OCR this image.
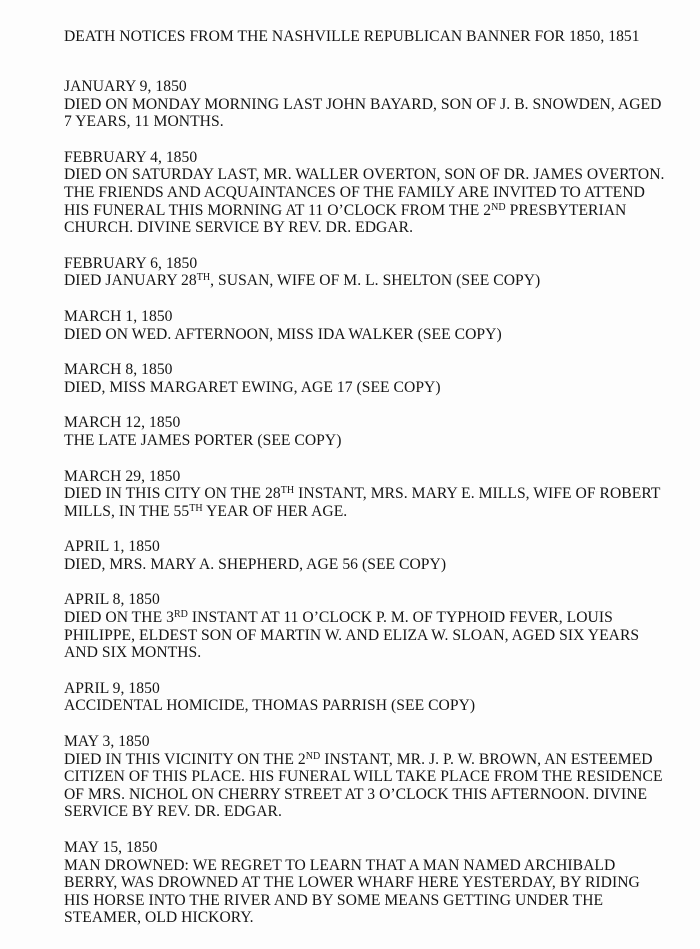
DEATH NOTICES FROM THE NASHVILLE REPUBLICAN BANNER FOR 1850, 1851
JANUARY 9, 1850
DIED ON MONDAY MORNING LAST JOHN BAYARD, SON OF J. B. SNOWDEN, AGED
7 YEARS, 11 MONTHS.
FEBRUARY 4, 1850
DIED ON SATURDAY LAST, MR. WALLER OVERTON, SON OF DR. JAMES OVERTON.
THE FRIENDS AND ACQUAINTANCES OF THE FAMILY ARE INVITED TO ATTEND
HIS FUNERAL THIS MORNING AT 11 O’CLOCK FROM THE 2ND PRESBYTERIAN
CHURCH. DIVINE SERVICE BY REV. DR. EDGAR.
FEBRUARY 6, 1850
DIED JANUARY 28TH, SUSAN, WIFE OF M. L. SHELTON (SEE COPY)
MARCH 1, 1850
DIED ON WED. AFTERNOON, MISS IDA WALKER (SEE COPY)
MARCH 8, 1850
DIED, MISS MARGARET EWING, AGE 17 (SEE COPY)
MARCH 12, 1850
THE LATE JAMES PORTER (SEE COPY)
MARCH 29, 1850
DIED IN THIS CITY ON THE 28TH INSTANT, MRS. MARY E. MILLS, WIFE OF ROBERT
MILLS, IN THE 55TH YEAR OF HER AGE.
APRIL 1, 1850
DIED, MRS. MARY A. SHEPHERD, AGE 56 (SEE COPY)
APRIL 8, 1850
DIED ON THE 3RD INSTANT AT 11 O’CLOCK P. M. OF TYPHOID FEVER, LOUIS
PHILIPPE, ELDEST SON OF MARTIN W. AND ELIZA W. SLOAN, AGED SIX YEARS
AND SIX MONTHS.
APRIL 9, 1850
ACCIDENTAL HOMICIDE, THOMAS PARRISH (SEE COPY)
MAY 3, 1850
DIED IN THIS VICINITY ON THE 2ND INSTANT, MR. J. P. W. BROWN, AN ESTEEMED
CITIZEN OF THIS PLACE. HIS FUNERAL WILL TAKE PLACE FROM THE RESIDENCE
OF MRS. NICHOL ON CHERRY STREET AT 3 O’CLOCK THIS AFTERNOON. DIVINE
SERVICE BY REV. DR. EDGAR.
MAY 15, 1850
MAN DROWNED: WE REGRET TO LEARN THAT A MAN NAMED ARCHIBALD
BERRY, WAS DROWNED AT THE LOWER WHARF HERE YESTERDAY, BY RIDING
HIS HORSE INTO THE RIVER AND BY SOME MEANS GETTING UNDER THE
STEAMER, OLD HICKORY.
